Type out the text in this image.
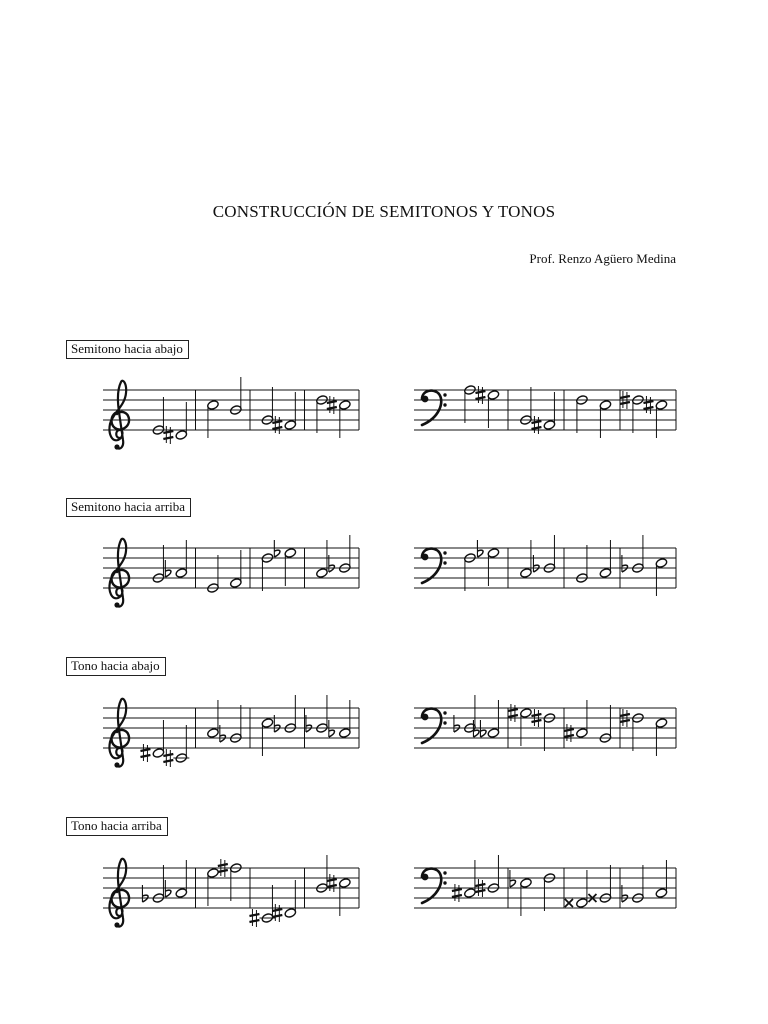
CONSTRUCCIÓN DE SEMITONOS Y TONOS
Prof. Renzo Agüero Medina
Semitono hacia abajo
Semitono hacia arriba
Tono hacia abajo
Tono hacia arriba
